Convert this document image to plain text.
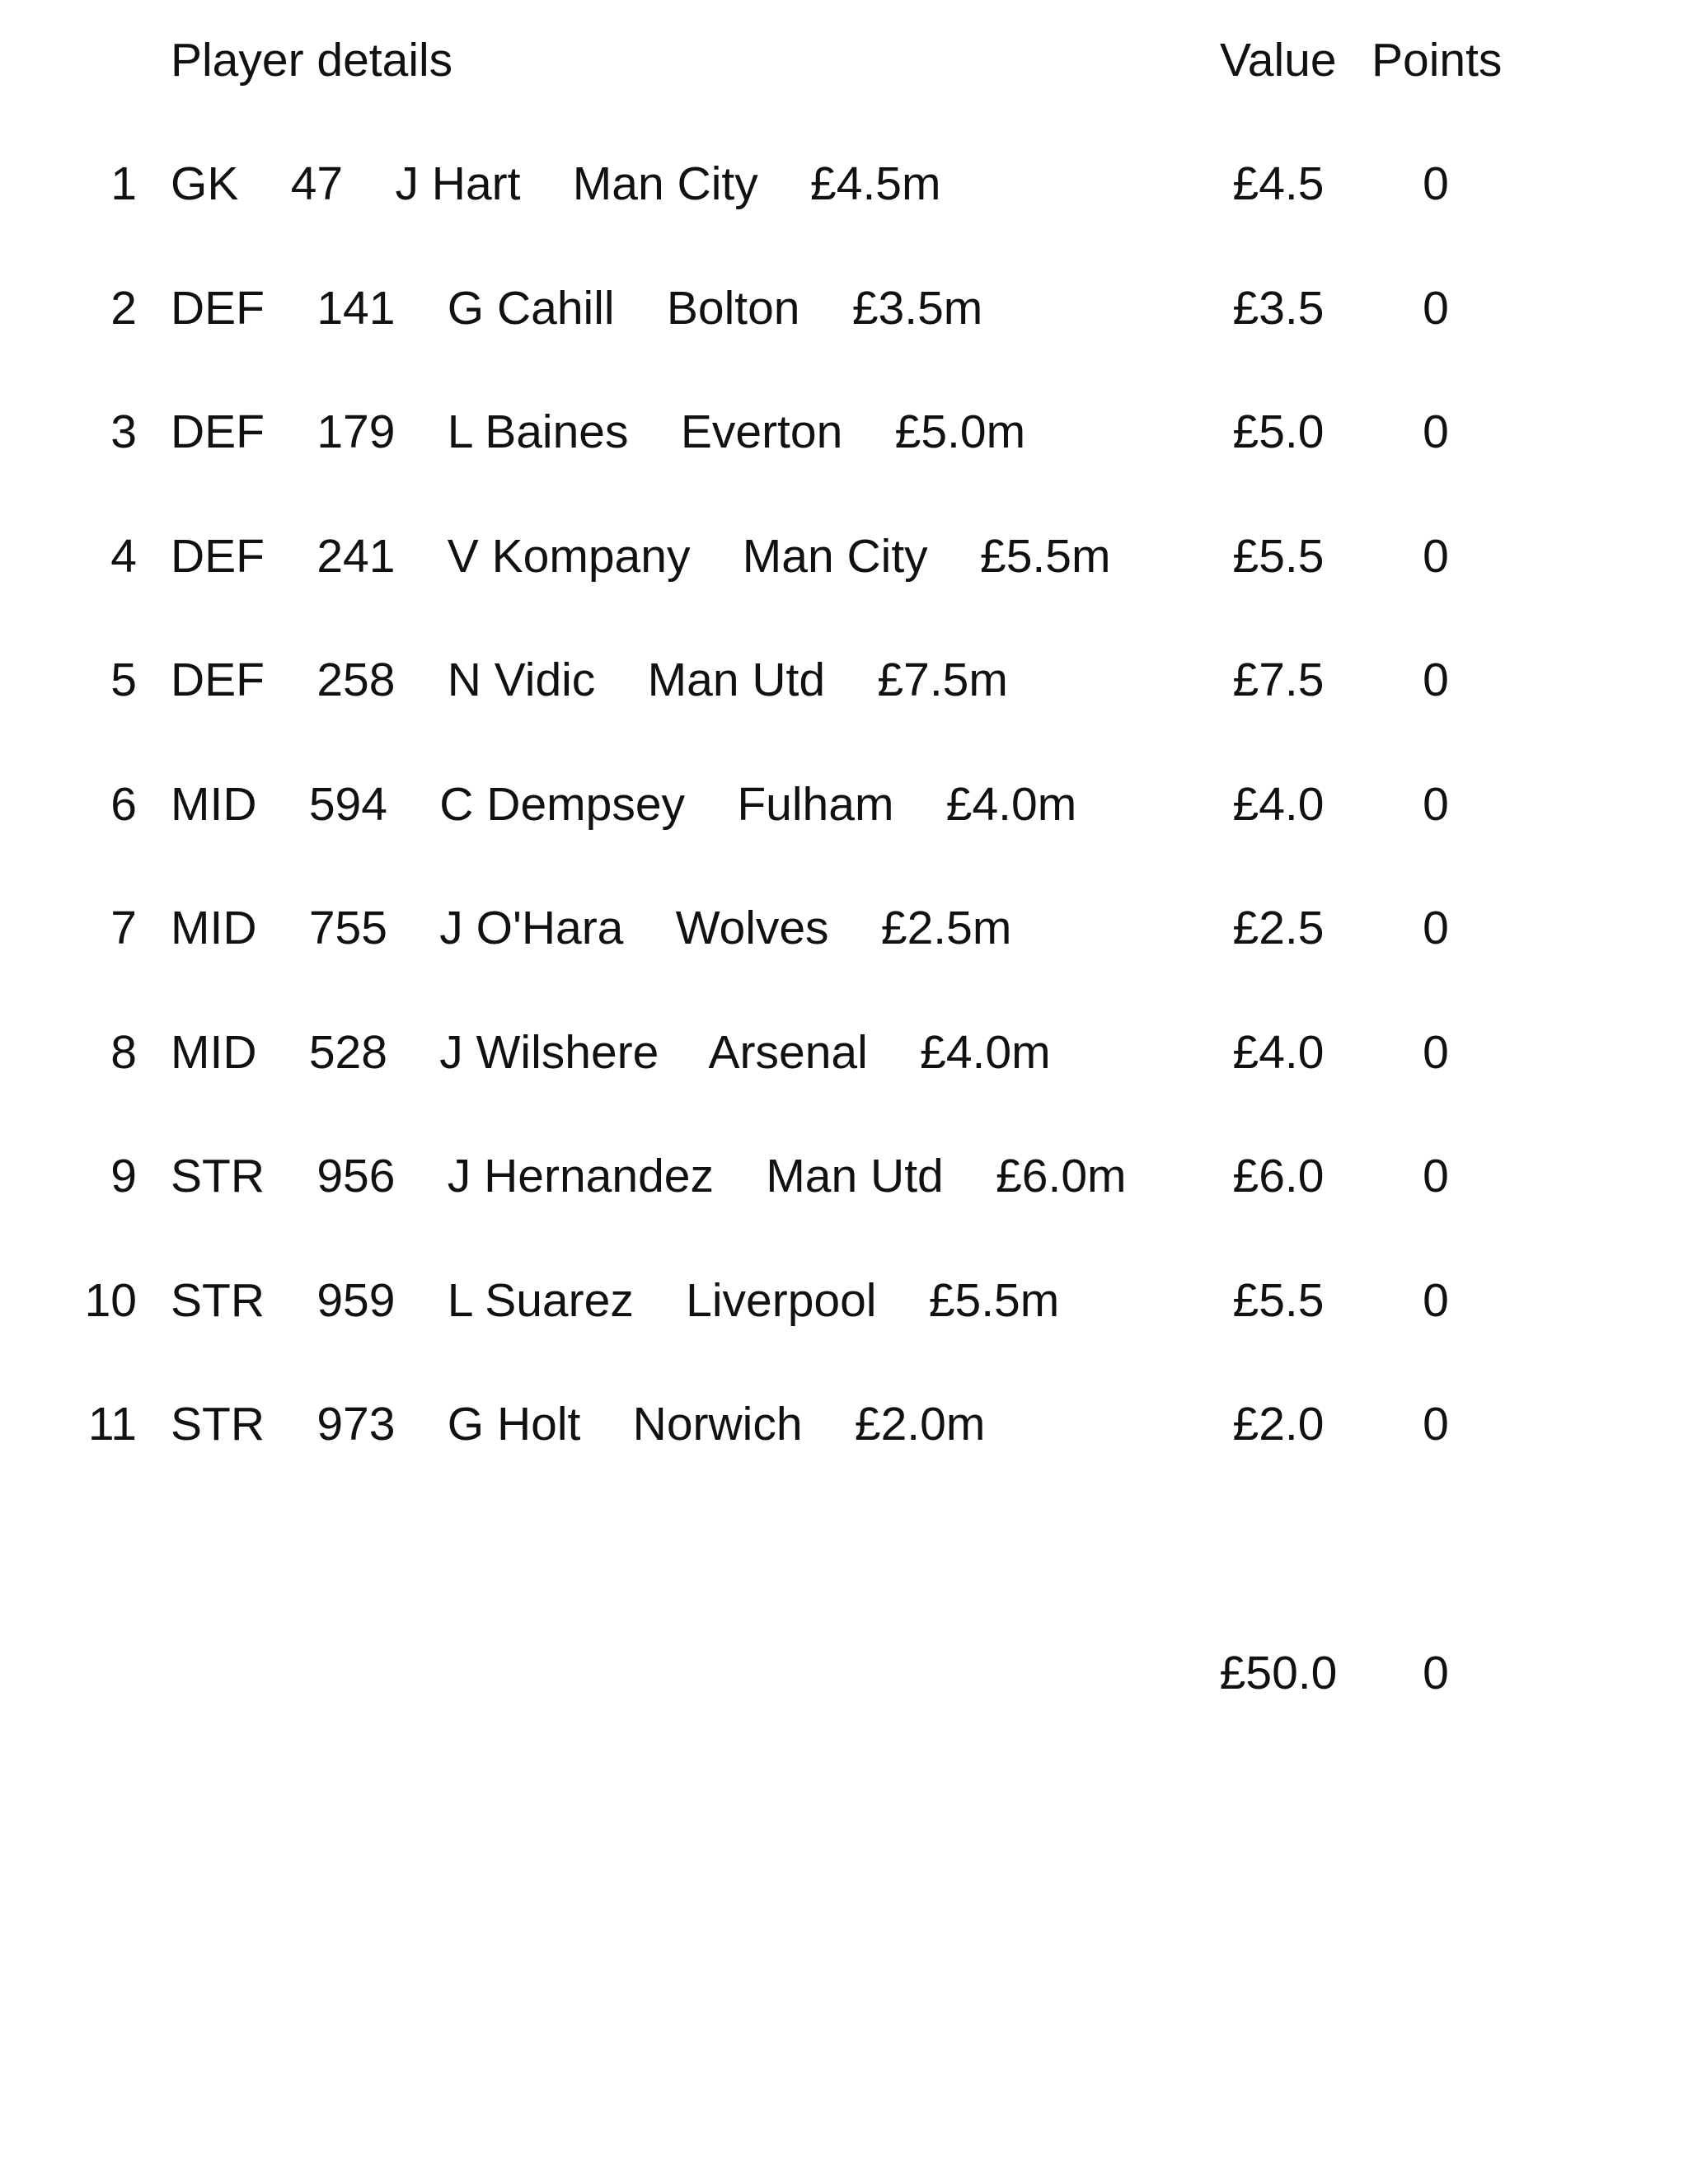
Player details	Value Points
1 GK    47    J Hart    Man City    £4.5m	£4.5	0
2 DEF    141    G Cahill    Bolton    £3.5m	£3.5	0
3 DEF    179    L Baines    Everton    £5.0m	£5.0	0
4 DEF    241    V Kompany    Man City    £5.5m	£5.5	0
5 DEF    258    N Vidic    Man Utd    £7.5m	£7.5	0
6 MID    594    C Dempsey    Fulham    £4.0m	£4.0	0
7 MID    755    J O'Hara    Wolves    £2.5m	£2.5	0
8 MID    528    J Wilshere    Arsenal    £4.0m	£4.0	0
9 STR    956    J Hernandez    Man Utd    £6.0m	£6.0	0
10 STR    959    L Suarez    Liverpool    £5.5m	£5.5	0
11 STR    973    G Holt    Norwich    £2.0m	£2.0	0
£50.0	0
